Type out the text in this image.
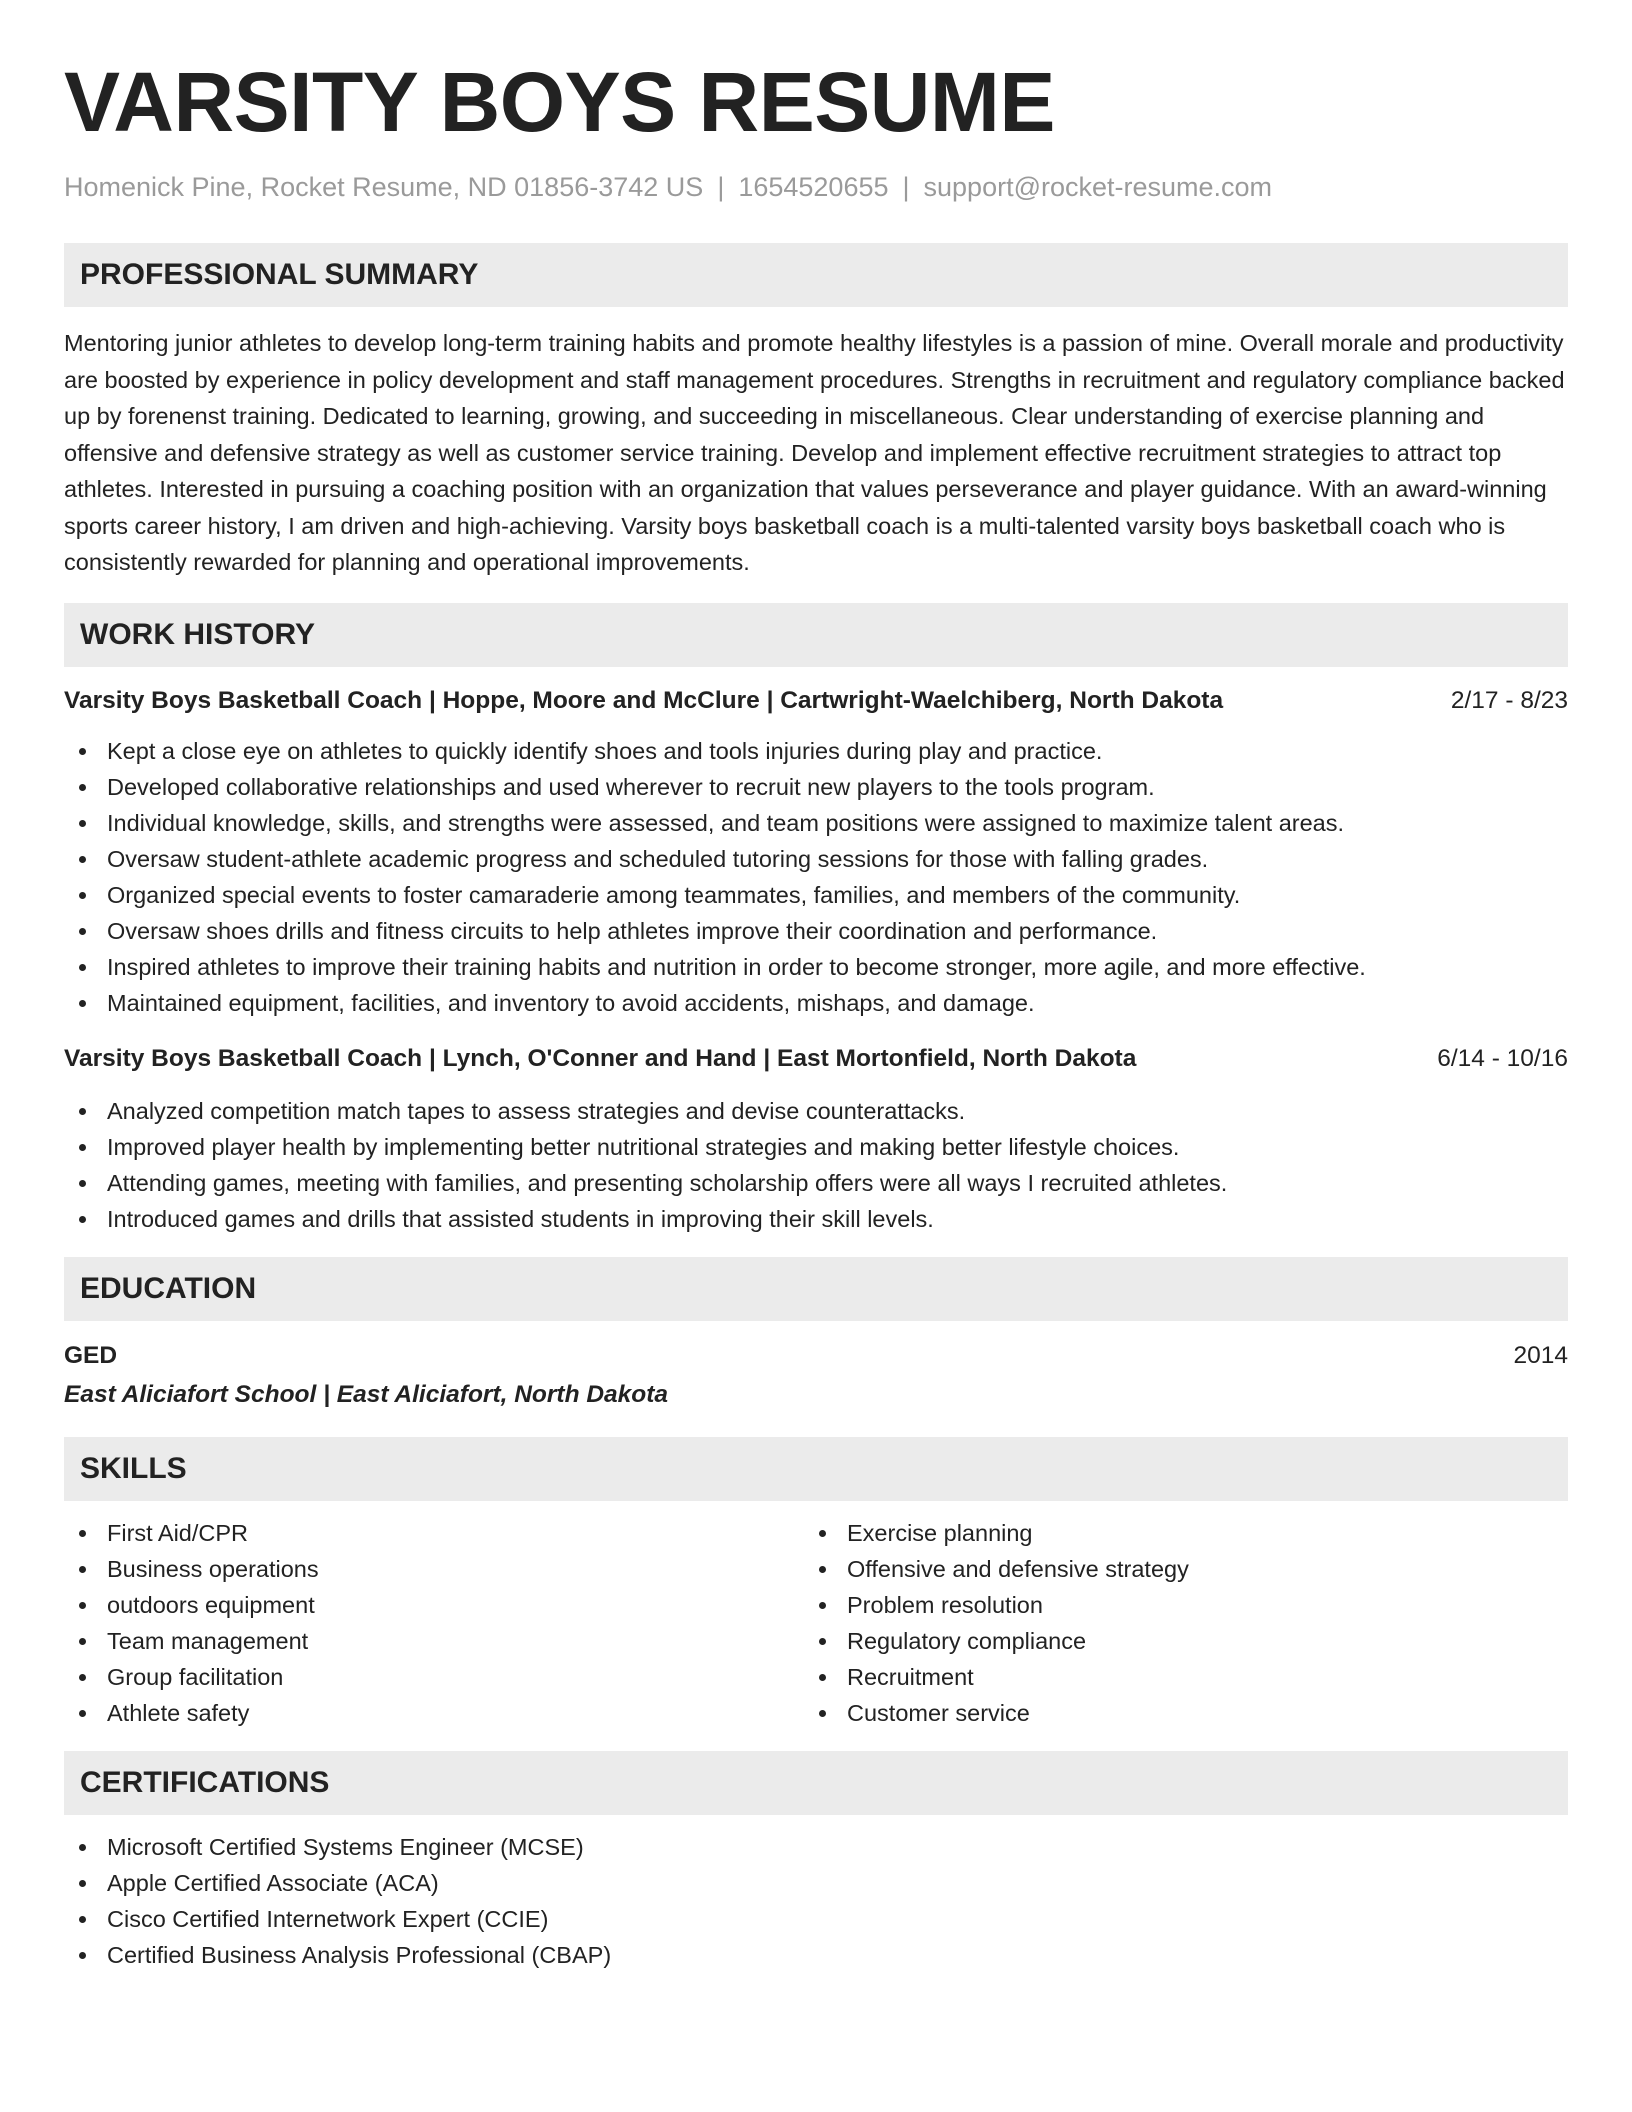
VARSITY BOYS RESUME
Homenick Pine, Rocket Resume, ND 01856-3742 US | 1654520655 | support@rocket-resume.com
PROFESSIONAL SUMMARY

Mentoring junior athletes to develop long-term training habits and promote healthy lifestyles is a passion of mine. Overall morale and productivity are boosted by experience in policy development and staff management procedures. Strengths in recruitment and regulatory compliance backed up by forenenst training. Dedicated to learning, growing, and succeeding in miscellaneous. Clear understanding of exercise planning and offensive and defensive strategy as well as customer service training. Develop and implement effective recruitment strategies to attract top athletes. Interested in pursuing a coaching position with an organization that values perseverance and player guidance. With an award-winning sports career history, I am driven and high-achieving. Varsity boys basketball coach is a multi-talented varsity boys basketball coach who is consistently rewarded for planning and operational improvements.

WORK HISTORY
Varsity Boys Basketball Coach | Hoppe, Moore and McClure | Cartwright-Waelchiberg, North Dakota	2/17 - 8/23
Kept a close eye on athletes to quickly identify shoes and tools injuries during play and practice.
Developed collaborative relationships and used wherever to recruit new players to the tools program.
Individual knowledge, skills, and strengths were assessed, and team positions were assigned to maximize talent areas.
Oversaw student-athlete academic progress and scheduled tutoring sessions for those with falling grades.
Organized special events to foster camaraderie among teammates, families, and members of the community.
Oversaw shoes drills and fitness circuits to help athletes improve their coordination and performance.
Inspired athletes to improve their training habits and nutrition in order to become stronger, more agile, and more effective.
Maintained equipment, facilities, and inventory to avoid accidents, mishaps, and damage.
Varsity Boys Basketball Coach | Lynch, O'Conner and Hand | East Mortonfield, North Dakota	6/14 - 10/16
Analyzed competition match tapes to assess strategies and devise counterattacks.
Improved player health by implementing better nutritional strategies and making better lifestyle choices.
Attending games, meeting with families, and presenting scholarship offers were all ways I recruited athletes.
Introduced games and drills that assisted students in improving their skill levels.
EDUCATION
GED	2014
East Aliciafort School | East Aliciafort, North Dakota
SKILLS
First Aid/CPR
Business operations
outdoors equipment
Team management
Group facilitation
Athlete safety
Exercise planning
Offensive and defensive strategy
Problem resolution
Regulatory compliance
Recruitment
Customer service
CERTIFICATIONS
Microsoft Certified Systems Engineer (MCSE)
Apple Certified Associate (ACA)
Cisco Certified Internetwork Expert (CCIE)
Certified Business Analysis Professional (CBAP)
